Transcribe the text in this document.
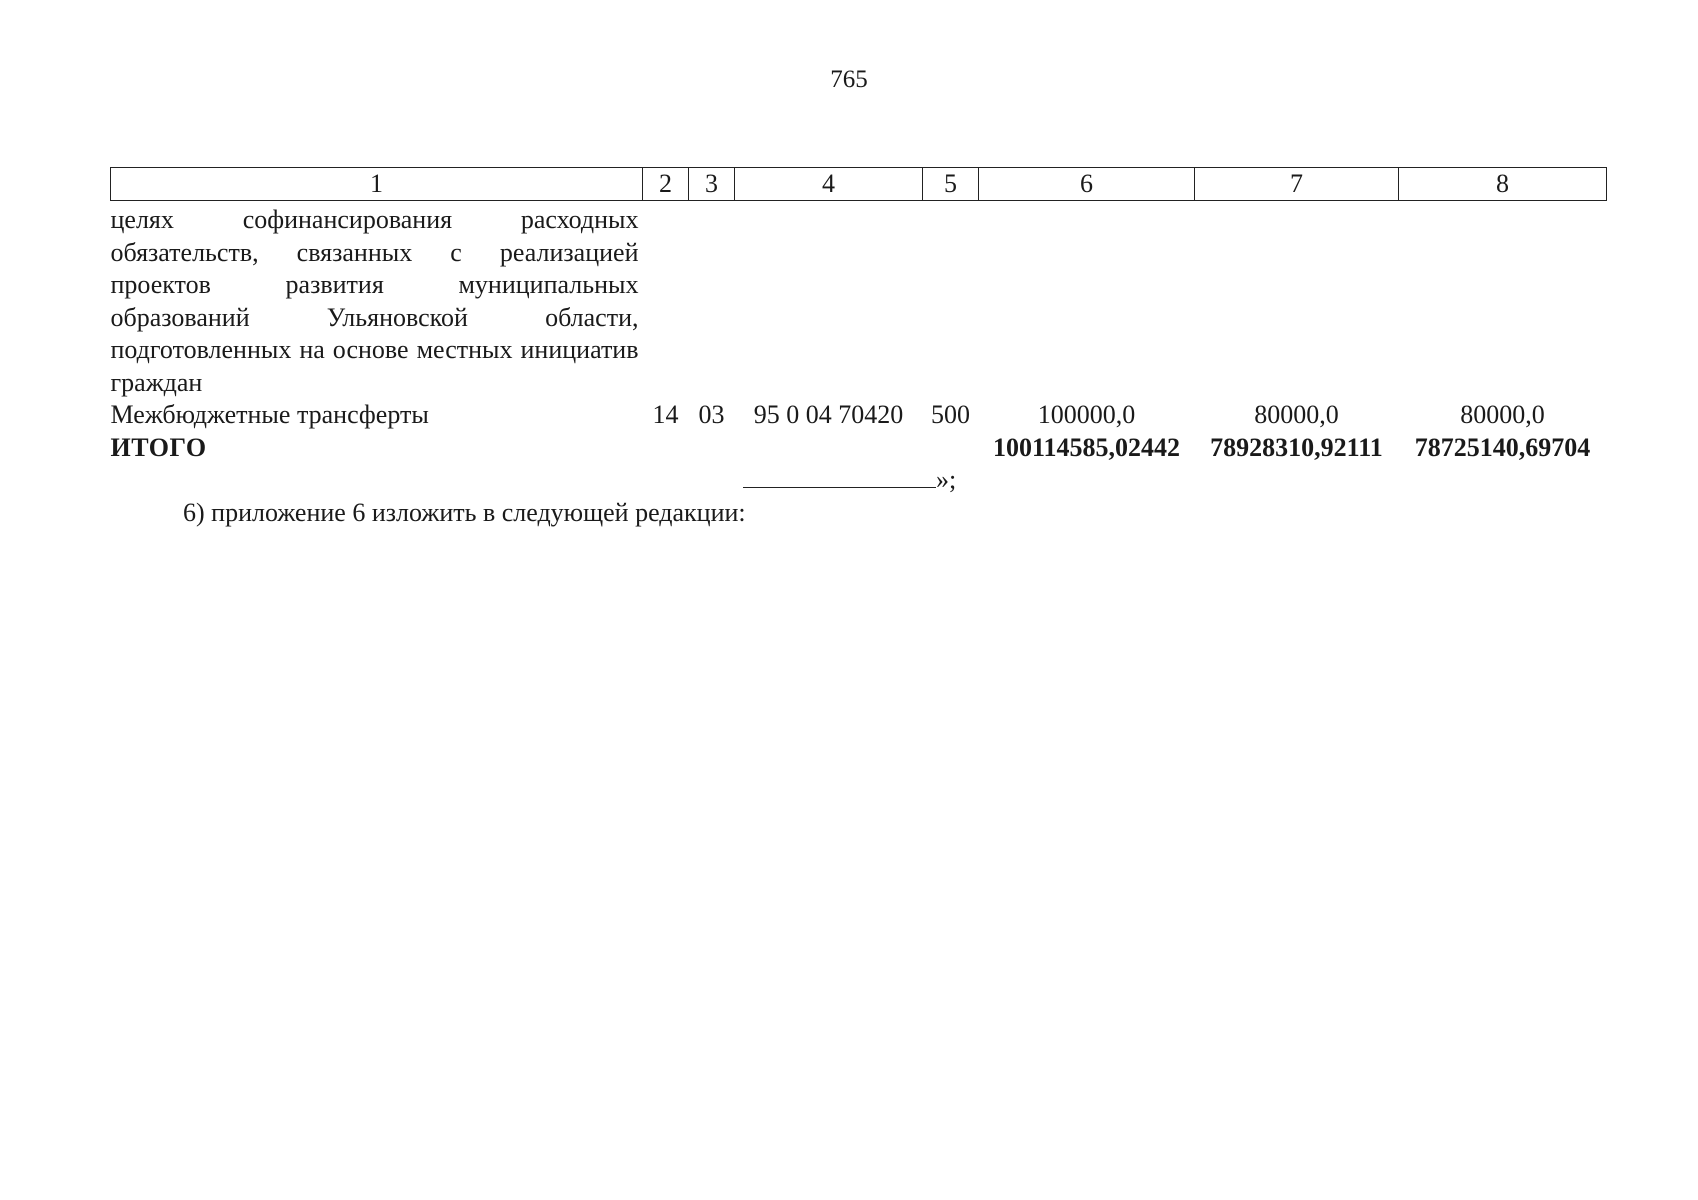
765
1	2	3	4	5	6	7	8

целях софинансирования расходных обязательств, связанных с реализацией проектов развития муниципальных образований Ульяновской области, подготовленных на основе местных инициатив граждан							

Межбюджетные трансферты	14	03	95 0 04 70420	500	100000,0	80000,0	80000,0
ИТОГО					100114585,02442	78928310,92111	78725140,69704
»;
6) приложение 6 изложить в следующей редакции:
